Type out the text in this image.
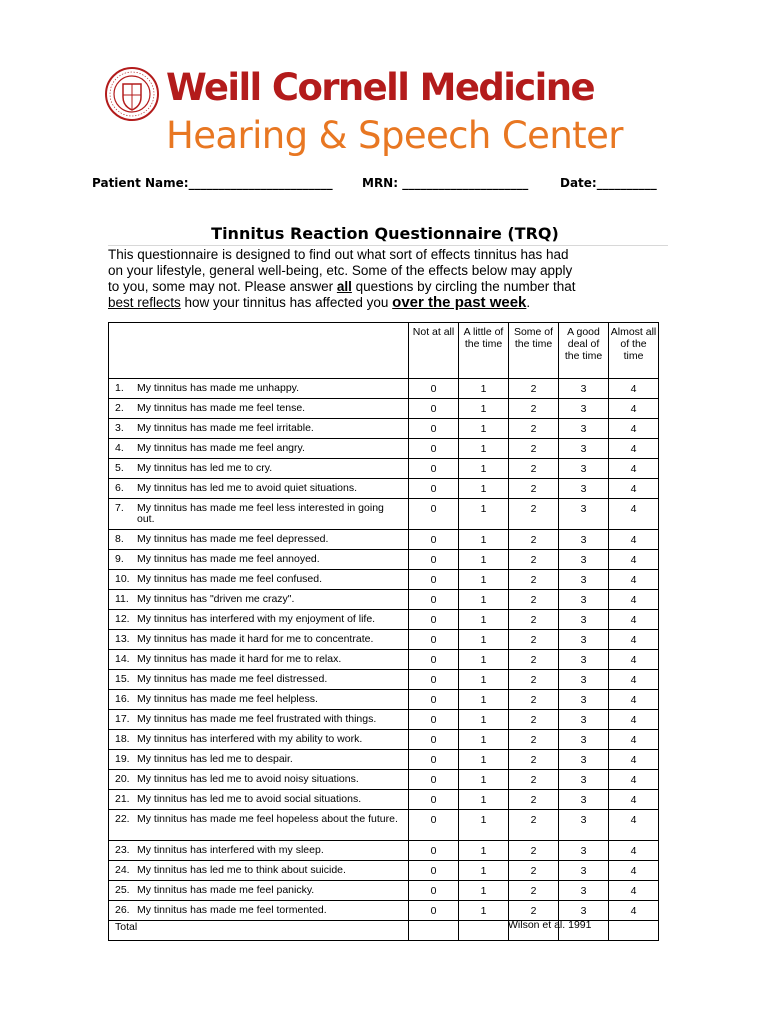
Weill Cornell Medicine
Hearing & Speech Center
Patient Name:________________________ MRN: _____________________	Date:__________
Tinnitus Reaction Questionnaire (TRQ)
This questionnaire is designed to find out what sort of effects tinnitus has had on your lifestyle, general well-being, etc. Some of the effects below may apply to you, some may not. Please answer all questions by circling the number that best reflects how your tinnitus has affected you over the past week.
	Not at all	A little of the time	Some of the time	A good deal of the time	Almost all of the time
1. My tinnitus has made me unhappy.	0	1	2	3	4
2. My tinnitus has made me feel tense.	0	1	2	3	4
3. My tinnitus has made me feel irritable.	0	1	2	3	4
4. My tinnitus has made me feel angry.	0	1	2	3	4
5. My tinnitus has led me to cry.	0	1	2	3	4
6. My tinnitus has led me to avoid quiet situations.	0	1	2	3	4
7. My tinnitus has made me feel less interested in going out.	0	1	2	3	4
8. My tinnitus has made me feel depressed.	0	1	2	3	4
9. My tinnitus has made me feel annoyed.	0	1	2	3	4
10. My tinnitus has made me feel confused.	0	1	2	3	4
11. My tinnitus has "driven me crazy".	0	1	2	3	4
12. My tinnitus has interfered with my enjoyment of life.	0	1	2	3	4
13. My tinnitus has made it hard for me to concentrate.	0	1	2	3	4
14. My tinnitus has made it hard for me to relax.	0	1	2	3	4
15. My tinnitus has made me feel distressed.	0	1	2	3	4
16. My tinnitus has made me feel helpless.	0	1	2	3	4
17. My tinnitus has made me feel frustrated with things.	0	1	2	3	4
18. My tinnitus has interfered with my ability to work.	0	1	2	3	4
19. My tinnitus has led me to despair.	0	1	2	3	4
20. My tinnitus has led me to avoid noisy situations.	0	1	2	3	4
21. My tinnitus has led me to avoid social situations.	0	1	2	3	4
22. My tinnitus has made me feel hopeless about the future.	0	1	2	3	4
23. My tinnitus has interfered with my sleep.	0	1	2	3	4
24. My tinnitus has led me to think about suicide.	0	1	2	3	4
25. My tinnitus has made me feel panicky.	0	1	2	3	4
26. My tinnitus has made me feel tormented.	0	1	2	3	4
Total						Wilson et al. 1991
